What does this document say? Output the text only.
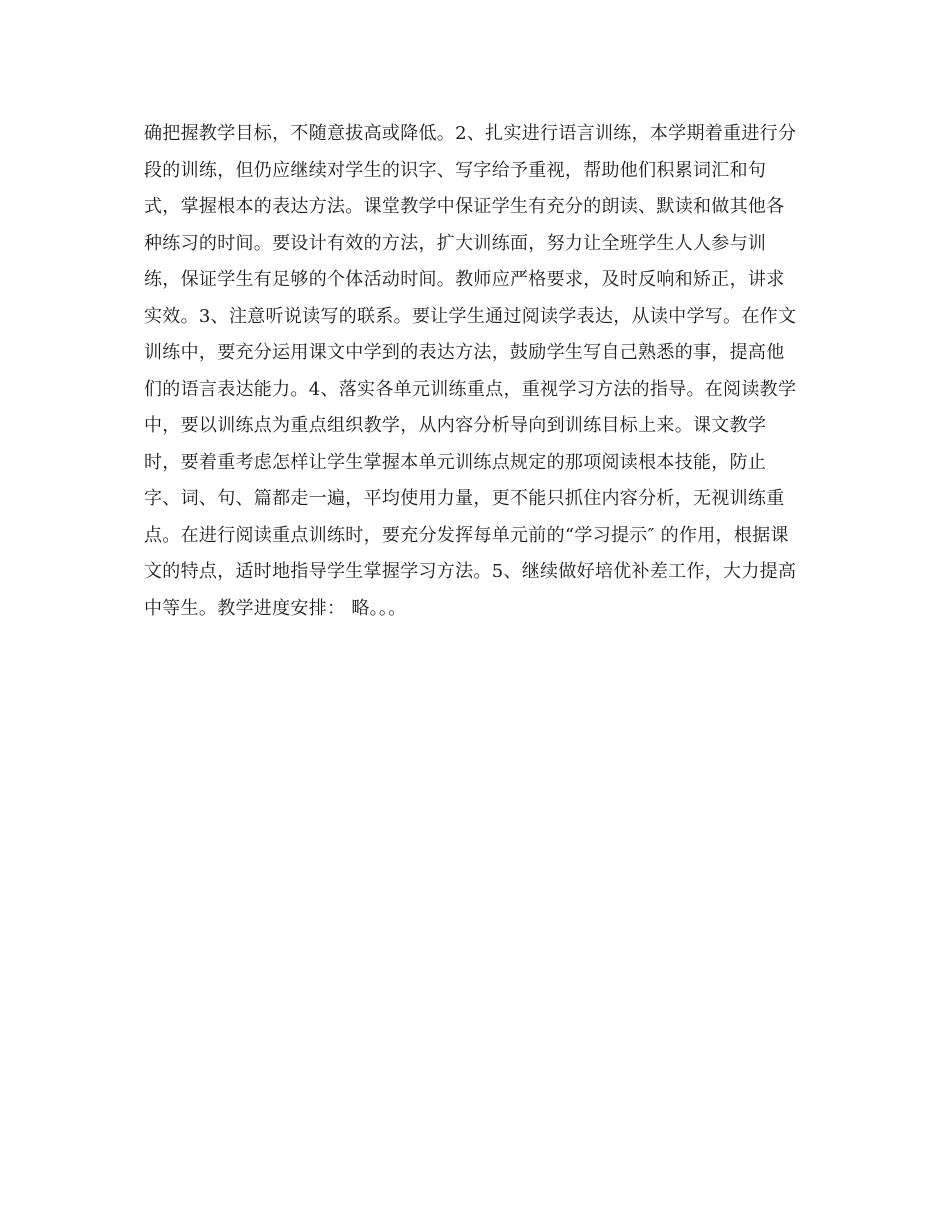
确把握教学目标，不随意拔高或降低。2、扎实进行语言训练，本学期着重进行分
段的训练，但仍应继续对学生的识字、写字给予重视，帮助他们积累词汇和句
式，掌握根本的表达方法。课堂教学中保证学生有充分的朗读、默读和做其他各
种练习的时间。要设计有效的方法，扩大训练面，努力让全班学生人人参与训
练，保证学生有足够的个体活动时间。教师应严格要求，及时反响和矫正，讲求
实效。3、注意听说读写的联系。要让学生通过阅读学表达，从读中学写。在作文
训练中，要充分运用课文中学到的表达方法，鼓励学生写自己熟悉的事，提高他
们的语言表达能力。4、落实各单元训练重点，重视学习方法的指导。在阅读教学
中，要以训练点为重点组织教学，从内容分析导向到训练目标上来。课文教学
时，要着重考虑怎样让学生掌握本单元训练点规定的那项阅读根本技能，防止
字、词、句、篇都走一遍，平均使用力量，更不能只抓住内容分析，无视训练重
点。在进行阅读重点训练时，要充分发挥每单元前的“学习提示″ 的作用，根据课
文的特点，适时地指导学生掌握学习方法。5、继续做好培优补差工作，大力提高
中等生。教学进度安排： 略。。。
